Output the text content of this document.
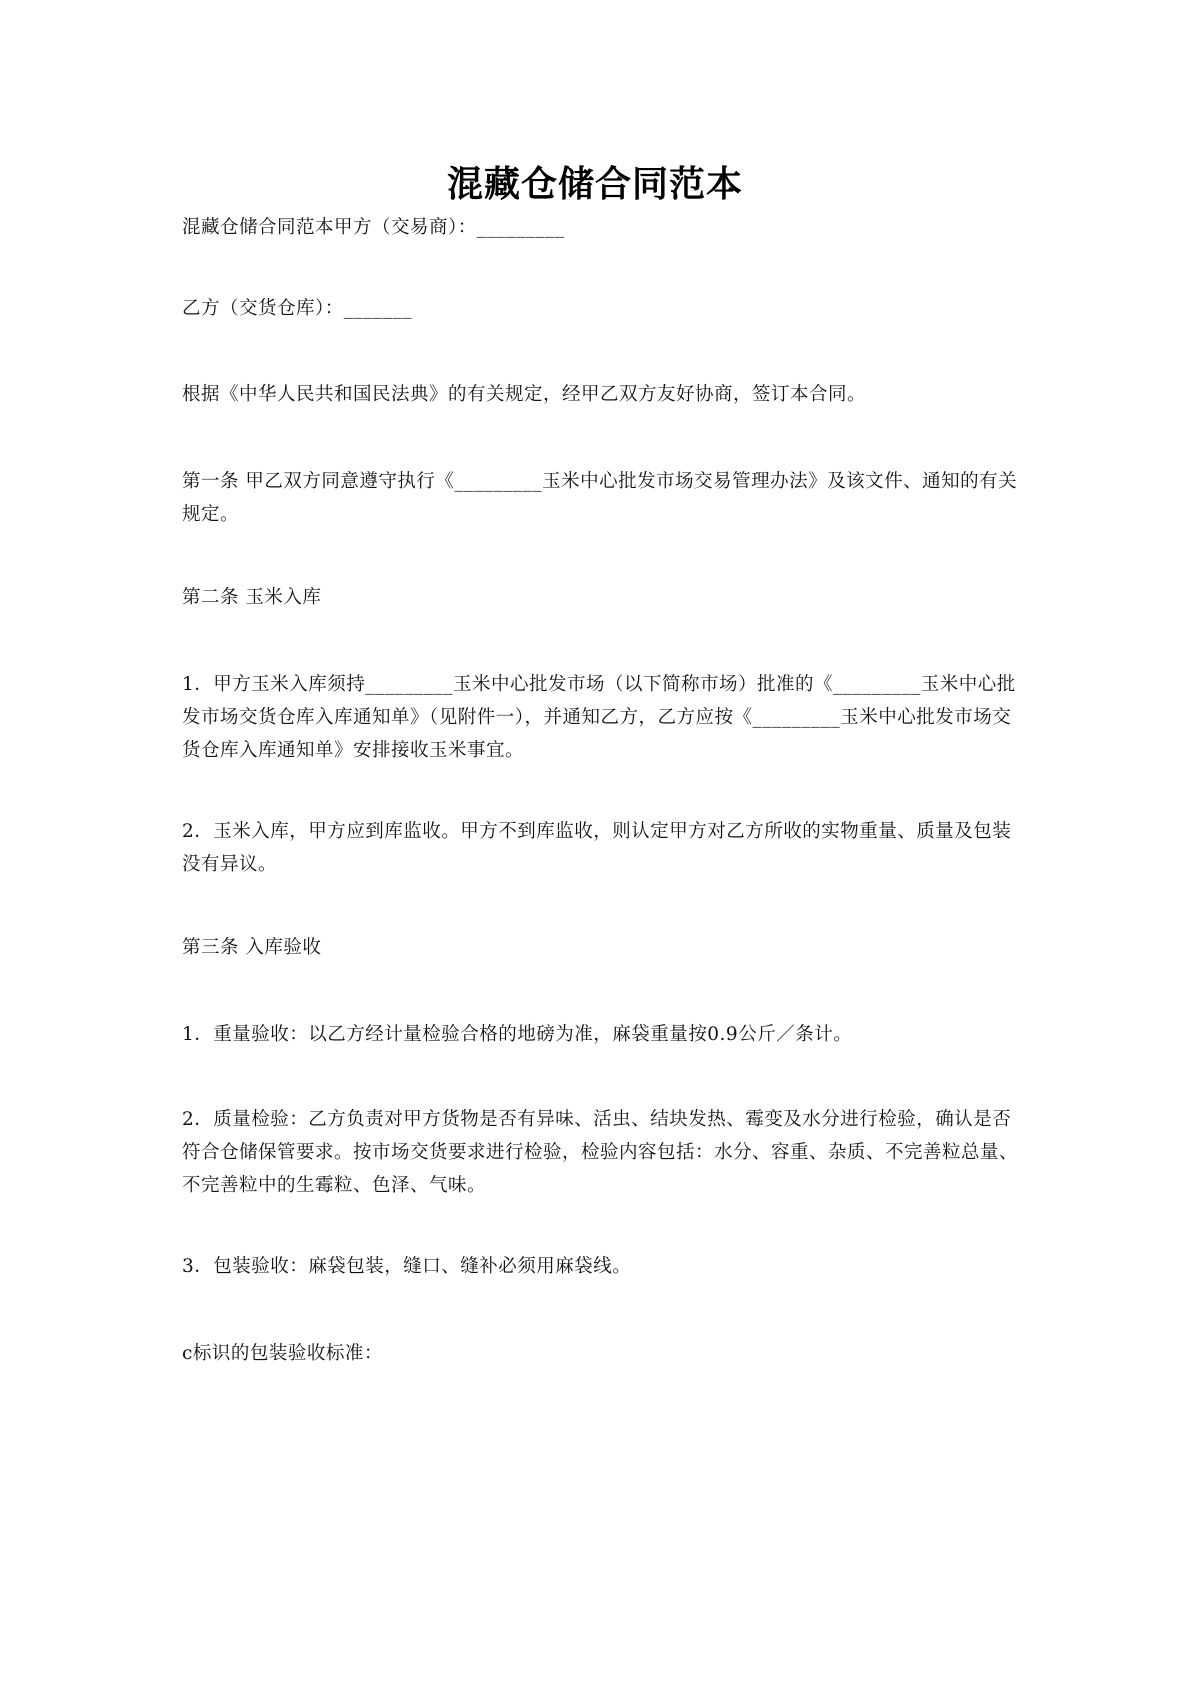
混藏仓储合同范本
混藏仓储合同范本甲方（交易商）：_________
乙方（交货仓库）：_______
根据《中华人民共和国民法典》的有关规定，经甲乙双方友好协商，签订本合同。
第一条 甲乙双方同意遵守执行《_________玉米中心批发市场交易管理办法》及该文件、通知的有关规定。
第二条 玉米入库
1．甲方玉米入库须持_________玉米中心批发市场（以下简称市场）批准的《_________玉米中心批发市场交货仓库入库通知单》（见附件一），并通知乙方，乙方应按《_________玉米中心批发市场交货仓库入库通知单》安排接收玉米事宜。
2．玉米入库，甲方应到库监收。甲方不到库监收，则认定甲方对乙方所收的实物重量、质量及包装没有异议。
第三条 入库验收
1．重量验收：以乙方经计量检验合格的地磅为准，麻袋重量按0.9公斤／条计。
2．质量检验：乙方负责对甲方货物是否有异味、活虫、结块发热、霉变及水分进行检验，确认是否符合仓储保管要求。按市场交货要求进行检验，检验内容包括：水分、容重、杂质、不完善粒总量、不完善粒中的生霉粒、色泽、气味。
3．包装验收：麻袋包装，缝口、缝补必须用麻袋线。
c标识的包装验收标准：
